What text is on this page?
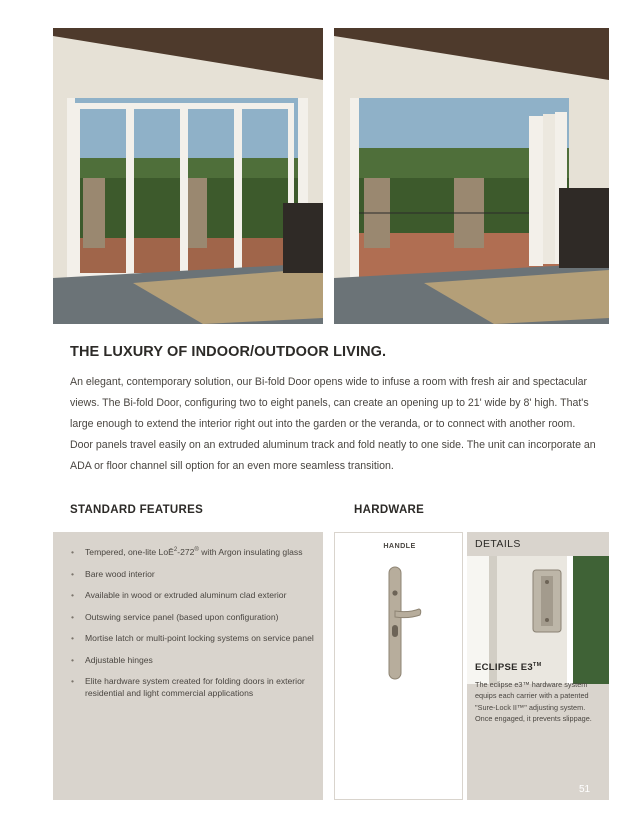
THE LUXURY OF INDOOR/OUTDOOR LIVING.

An elegant, contemporary solution, our Bi-fold Door opens wide to infuse a room with fresh air and spectacular views. The Bi-fold Door, configuring two to eight panels, can create an opening up to 21' wide by 8' high. That's large enough to extend the interior right out into the garden or the veranda, or to connect with another room. Door panels travel easily on an extruded aluminum track and fold neatly to one side. The unit can incorporate an ADA or floor channel sill option for an even more seamless transition.

STANDARD FEATURES	HARDWARE
• Tempered, one-lite LoĒ$^2$-272® with Argon insulating glass
• Bare wood interior
• Available in wood or extruded aluminum clad exterior
• Outswing service panel (based upon configuration)
• Mortise latch or multi-point locking systems on service panel
• Adjustable hinges
• Elite hardware system created for folding doors in exterior residential and light commercial applications
HANDLE	DETAILS
ECLIPSE E3™

The eclipse e3™ hardware system equips each carrier with a patented "Sure-Lock II™" adjusting system. Once engaged, it prevents slippage.

51
